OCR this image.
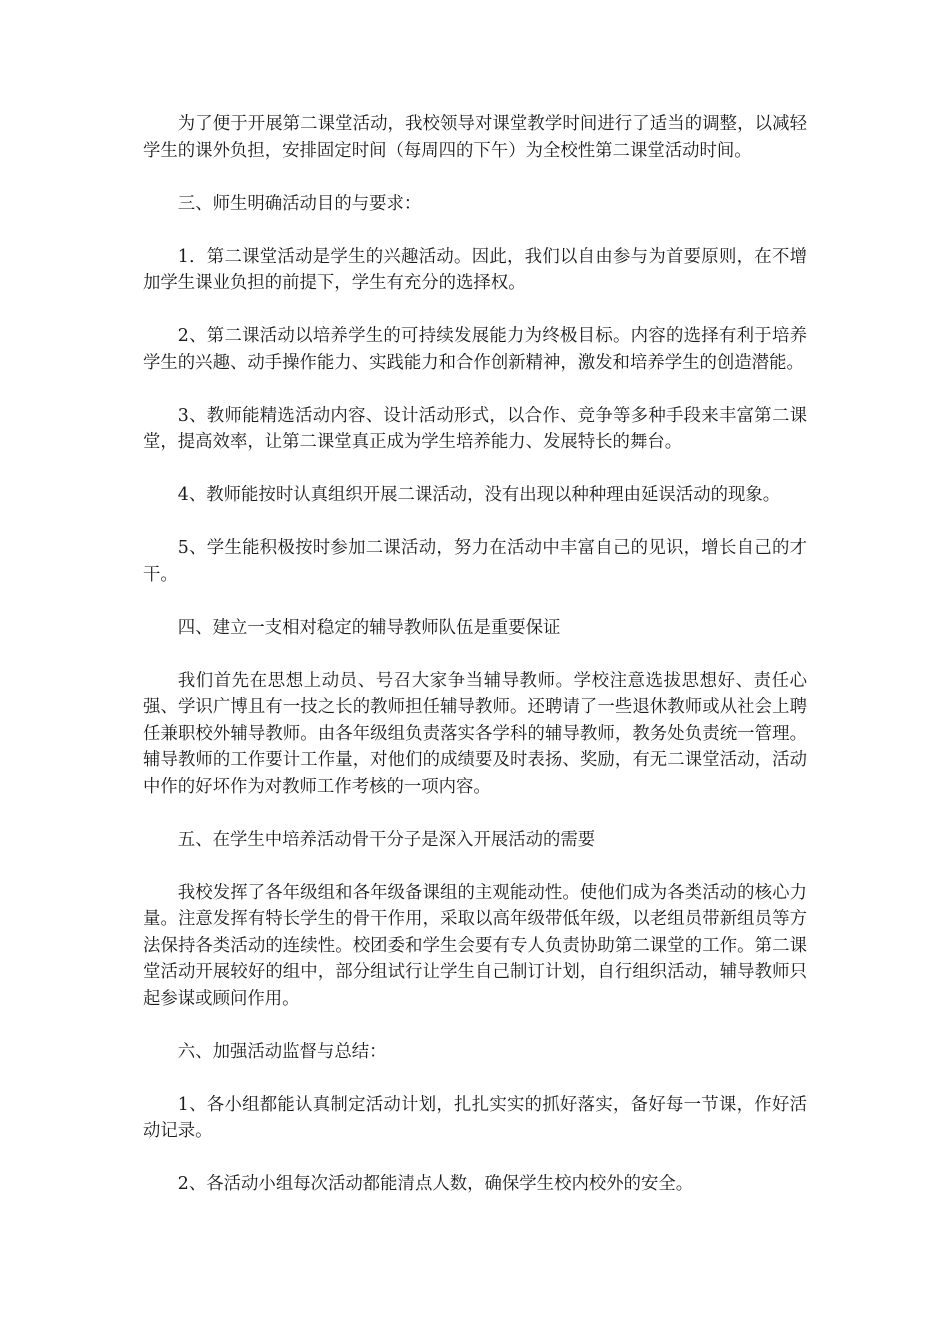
为了便于开展第二课堂活动，我校领导对课堂教学时间进行了适当的调整，以减轻学生的课外负担，安排固定时间（每周四的下午）为全校性第二课堂活动时间。

三、师生明确活动目的与要求：

1．第二课堂活动是学生的兴趣活动。因此，我们以自由参与为首要原则，在不增加学生课业负担的前提下，学生有充分的选择权。

2、第二课活动以培养学生的可持续发展能力为终极目标。内容的选择有利于培养学生的兴趣、动手操作能力、实践能力和合作创新精神，激发和培养学生的创造潜能。

3、教师能精选活动内容、设计活动形式，以合作、竞争等多种手段来丰富第二课堂，提高效率，让第二课堂真正成为学生培养能力、发展特长的舞台。

4、教师能按时认真组织开展二课活动，没有出现以种种理由延误活动的现象。

5、学生能积极按时参加二课活动，努力在活动中丰富自己的见识，增长自己的才干。

四、建立一支相对稳定的辅导教师队伍是重要保证

我们首先在思想上动员、号召大家争当辅导教师。学校注意选拔思想好、责任心强、学识广博且有一技之长的教师担任辅导教师。还聘请了一些退休教师或从社会上聘任兼职校外辅导教师。由各年级组负责落实各学科的辅导教师，教务处负责统一管理。辅导教师的工作要计工作量，对他们的成绩要及时表扬、奖励，有无二课堂活动，活动中作的好坏作为对教师工作考核的一项内容。

五、在学生中培养活动骨干分子是深入开展活动的需要

我校发挥了各年级组和各年级备课组的主观能动性。使他们成为各类活动的核心力量。注意发挥有特长学生的骨干作用，采取以高年级带低年级，以老组员带新组员等方法保持各类活动的连续性。校团委和学生会要有专人负责协助第二课堂的工作。第二课堂活动开展较好的组中，部分组试行让学生自己制订计划，自行组织活动，辅导教师只起参谋或顾问作用。

六、加强活动监督与总结：

1、各小组都能认真制定活动计划，扎扎实实的抓好落实，备好每一节课，作好活动记录。

2、各活动小组每次活动都能清点人数，确保学生校内校外的安全。
